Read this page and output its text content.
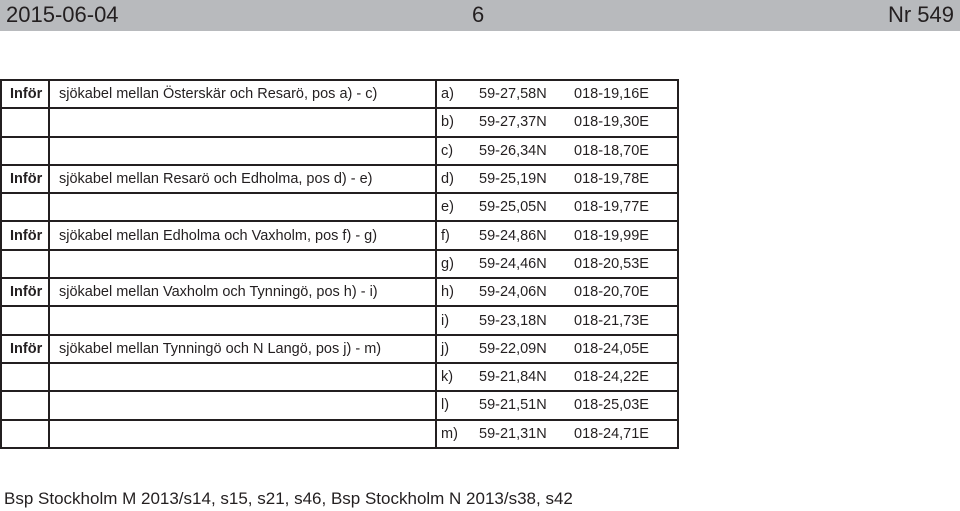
2015-06-04	6	Nr 549
Inför	sjökabel mellan Österskär och Resarö, pos a) - c)	a)	59-27,58N	018-19,16E
		b)	59-27,37N	018-19,30E
		c)	59-26,34N	018-18,70E
Inför	sjökabel mellan Resarö och Edholma, pos d) - e)	d)	59-25,19N	018-19,78E
		e)	59-25,05N	018-19,77E
Inför	sjökabel mellan Edholma och Vaxholm, pos f) - g)	f)	59-24,86N	018-19,99E
		g)	59-24,46N	018-20,53E
Inför	sjökabel mellan Vaxholm och Tynningö, pos h) - i)	h)	59-24,06N	018-20,70E
		i)	59-23,18N	018-21,73E
Inför	sjökabel mellan Tynningö och N Langö, pos j) - m)	j)	59-22,09N	018-24,05E
		k)	59-21,84N	018-24,22E
		l)	59-21,51N	018-25,03E
		m)	59-21,31N	018-24,71E
Bsp Stockholm M 2013/s14, s15, s21, s46, Bsp Stockholm N 2013/s38, s42
